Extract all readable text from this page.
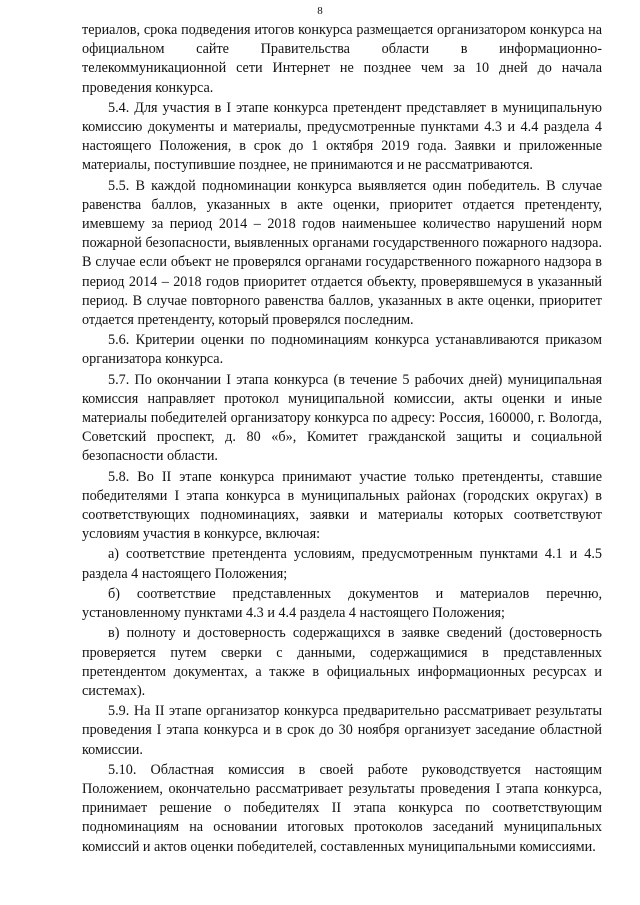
8

териалов, срока подведения итогов конкурса размещается организатором конкурса на официальном сайте Правительства области в информационно-телекоммуникационной сети Интернет не позднее чем за 10 дней до начала проведения конкурса.

5.4. Для участия в I этапе конкурса претендент представляет в муниципальную комиссию документы и материалы, предусмотренные пунктами 4.3 и 4.4 раздела 4 настоящего Положения, в срок до 1 октября 2019 года. Заявки и приложенные материалы, поступившие позднее, не принимаются и не рассматриваются.

5.5. В каждой подноминации конкурса выявляется один победитель. В случае равенства баллов, указанных в акте оценки, приоритет отдается претенденту, имевшему за период 2014 – 2018 годов наименьшее количество нарушений норм пожарной безопасности, выявленных органами государственного пожарного надзора. В случае если объект не проверялся органами государственного пожарного надзора в период 2014 – 2018 годов приоритет отдается объекту, проверявшемуся в указанный период. В случае повторного равенства баллов, указанных в акте оценки, приоритет отдается претенденту, который проверялся последним.

5.6. Критерии оценки по подноминациям конкурса устанавливаются приказом организатора конкурса.

5.7. По окончании I этапа конкурса (в течение 5 рабочих дней) муниципальная комиссия направляет протокол муниципальной комиссии, акты оценки и иные материалы победителей организатору конкурса по адресу: Россия, 160000, г. Вологда, Советский проспект, д. 80 «б», Комитет гражданской защиты и социальной безопасности области.

5.8. Во II этапе конкурса принимают участие только претенденты, ставшие победителями I этапа конкурса в муниципальных районах (городских округах) в соответствующих подноминациях, заявки и материалы которых соответствуют условиям участия в конкурсе, включая:

а) соответствие претендента условиям, предусмотренным пунктами 4.1 и 4.5 раздела 4 настоящего Положения;

б) соответствие представленных документов и материалов перечню, установленному пунктами 4.3 и 4.4 раздела 4 настоящего Положения;

в) полноту и достоверность содержащихся в заявке сведений (достоверность проверяется путем сверки с данными, содержащимися в представленных претендентом документах, а также в официальных информационных ресурсах и системах).

5.9. На II этапе организатор конкурса предварительно рассматривает результаты проведения I этапа конкурса и в срок до 30 ноября организует заседание областной комиссии.

5.10. Областная комиссия в своей работе руководствуется настоящим Положением, окончательно рассматривает результаты проведения I этапа конкурса, принимает решение о победителях II этапа конкурса по соответствующим подноминациям на основании итоговых протоколов заседаний муниципальных комиссий и актов оценки победителей, составленных муниципальными комиссиями.
